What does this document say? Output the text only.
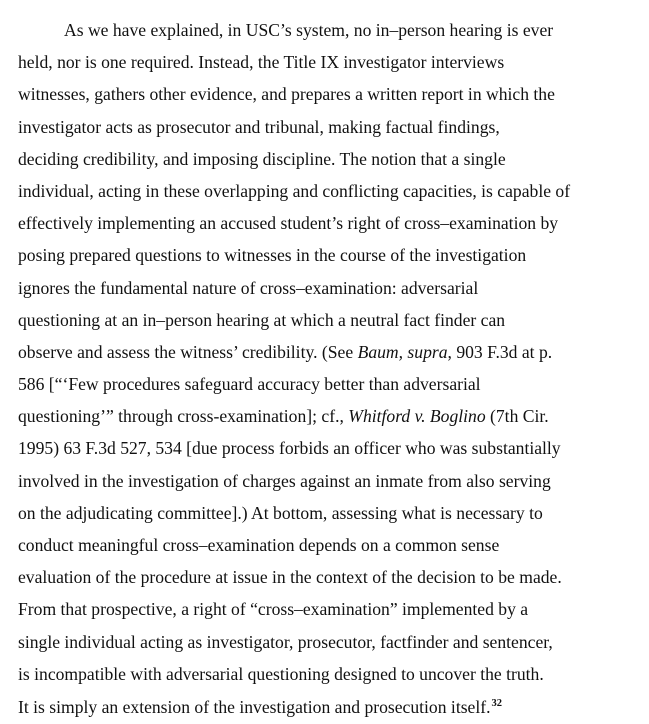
As we have explained, in USC’s system, no in–person hearing is ever
held, nor is one required. Instead, the Title IX investigator interviews
witnesses, gathers other evidence, and prepares a written report in which the
investigator acts as prosecutor and tribunal, making factual findings,
deciding credibility, and imposing discipline. The notion that a single
individual, acting in these overlapping and conflicting capacities, is capable of
effectively implementing an accused student’s right of cross–examination by
posing prepared questions to witnesses in the course of the investigation
ignores the fundamental nature of cross–examination: adversarial
questioning at an in–person hearing at which a neutral fact finder can
observe and assess the witness’ credibility. (See Baum, supra, 903 F.3d at p.
586 [“‘Few procedures safeguard accuracy better than adversarial
questioning’” through cross-examination]; cf., Whitford v. Boglino (7th Cir.
1995) 63 F.3d 527, 534 [due process forbids an officer who was substantially
involved in the investigation of charges against an inmate from also serving
on the adjudicating committee].) At bottom, assessing what is necessary to
conduct meaningful cross–examination depends on a common sense
evaluation of the procedure at issue in the context of the decision to be made.
From that prospective, a right of “cross–examination” implemented by a
single individual acting as investigator, prosecutor, factfinder and sentencer,
is incompatible with adversarial questioning designed to uncover the truth.
It is simply an extension of the investigation and prosecution itself.$^{32}$
